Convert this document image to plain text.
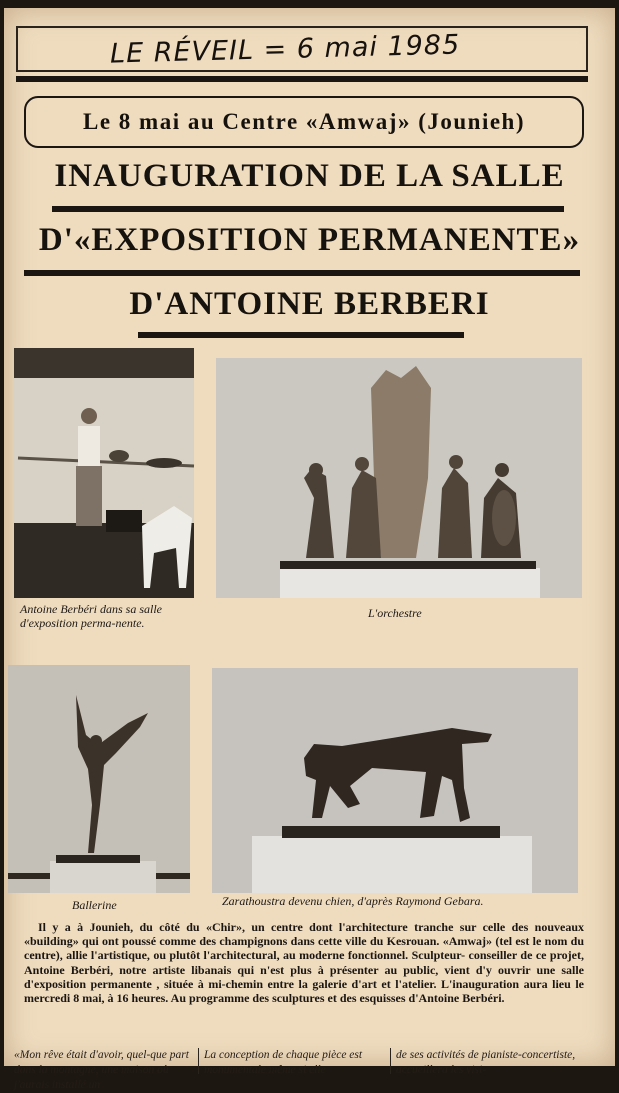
LE RÉVEIL = 6 mai 1985
Le 8 mai au Centre «Amwaj» (Jounieh)
INAUGURATION DE LA SALLE
D'«EXPOSITION PERMANENTE»
D'ANTOINE BERBERI
Antoine Berbéri dans sa salle d'exposition perma-nente.
L'orchestre
Ballerine	Zarathoustra devenu chien, d'après Raymond Gebara.

Il y a à Jounieh, du côté du «Chir», un centre dont l'architecture tranche sur celle des nouveaux «building» qui ont poussé comme des champignons dans cette ville du Kesrouan. «Amwaj» (tel est le nom du centre), allie l'artistique, ou plutôt l'architectural, au moderne fonctionnel. Sculpteur- conseiller de ce projet, Antoine Berbéri, notre artiste libanais qui n'est plus à présenter au public, vient d'y ouvrir une salle d'exposition permanente , située à mi-chemin entre la galerie d'art et l'atelier. L'inauguration aura lieu le mercredi 8 mai, à 16 heures. Au programme des sculptures et des esquisses d'Antoine Berbéri.

«Mon rêve était d'avoir, quel-que part dans la montagne, une maison où j'aurais installé un
La conception de chaque pièce est monumentale même si elle
de ses activités de pianiste-concertiste, accueillera les visi-
